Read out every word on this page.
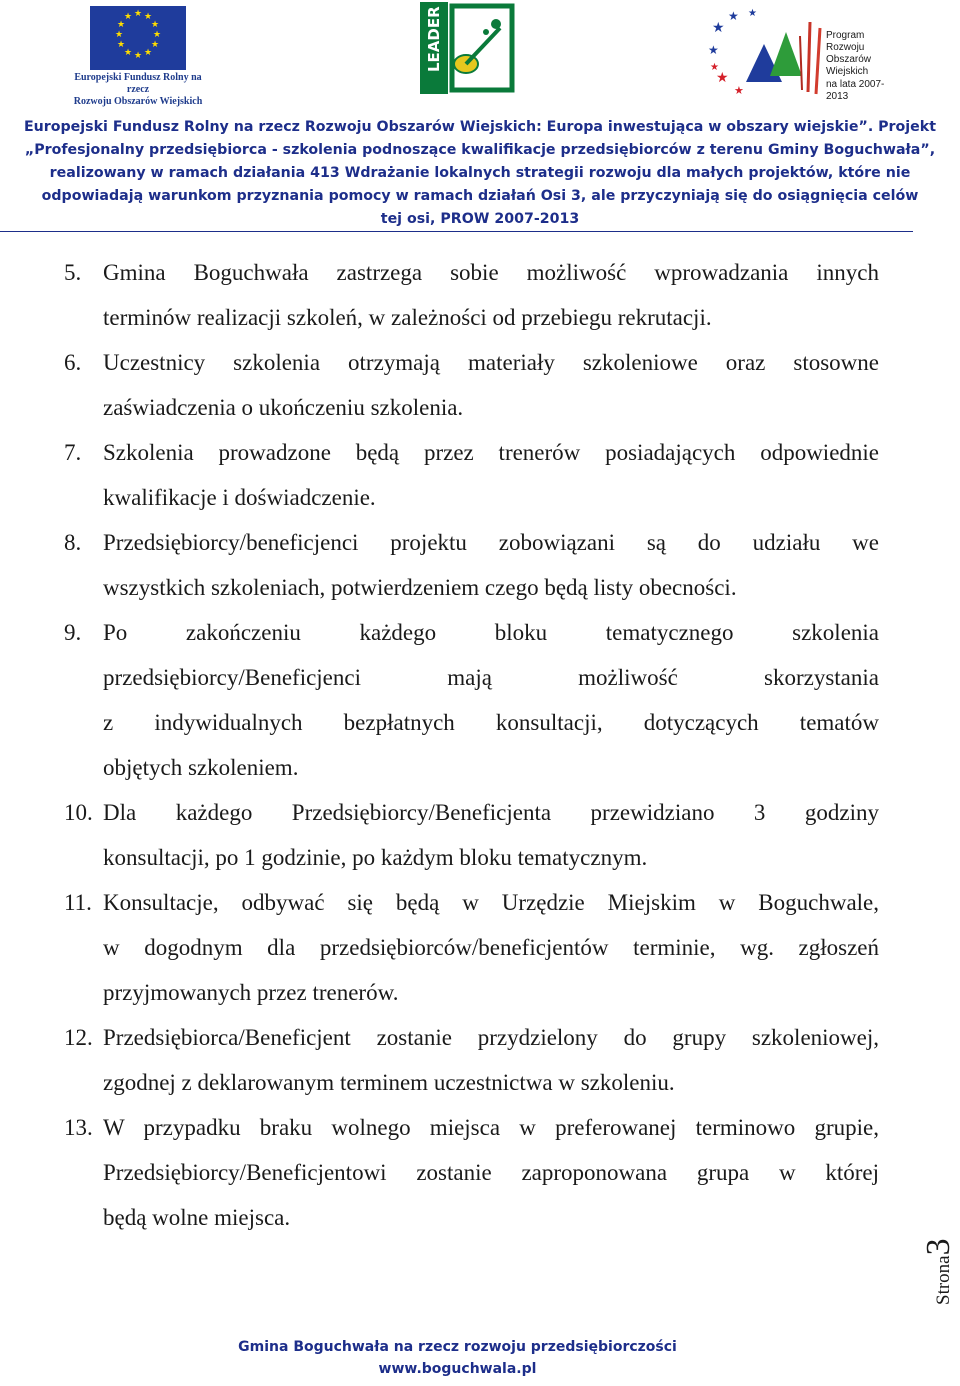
★ ★
★
★
★
★
★
★
★
★
★
★
Europejski Fundusz Rolny na rzecz
Rozwoju Obszarów Wiejskich
LEADER	★
★ ★
★
★
★
★
Program
Rozwoju
Obszarów
Wiejskich
na lata 2007-2013
Europejski Fundusz Rolny na rzecz Rozwoju Obszarów Wiejskich: Europa inwestująca w obszary wiejskie”. Projekt
„Profesjonalny przedsiębiorca - szkolenia podnoszące kwalifikacje przedsiębiorców z terenu Gminy Boguchwała”,
realizowany w ramach działania 413 Wdrażanie lokalnych strategii rozwoju dla małych projektów, które nie
odpowiadają warunkom przyznania pomocy w ramach działań Osi 3, ale przyczyniają się do osiągnięcia celów
tej osi, PROW 2007-2013
5. Gmina Boguchwała zastrzega sobie możliwość wprowadzania innych
terminów realizacji szkoleń, w zależności od przebiegu rekrutacji.
6. Uczestnicy szkolenia otrzymają materiały szkoleniowe oraz stosowne
zaświadczenia o ukończeniu szkolenia.
7. Szkolenia prowadzone będą przez trenerów posiadających odpowiednie
kwalifikacje i doświadczenie.
8. Przedsiębiorcy/beneficjenci projektu zobowiązani są do udziału we
wszystkich szkoleniach, potwierdzeniem czego będą listy obecności.
9. Po zakończeniu każdego bloku tematycznego szkolenia
przedsiębiorcy/Beneficjenci mają możliwość skorzystania
z indywidualnych bezpłatnych konsultacji, dotyczących tematów
objętych szkoleniem.
10. Dla każdego Przedsiębiorcy/Beneficjenta przewidziano 3 godziny
konsultacji, po 1 godzinie, po każdym bloku tematycznym.
11. Konsultacje, odbywać się będą w Urzędzie Miejskim w Boguchwale,
w dogodnym dla przedsiębiorców/beneficjentów terminie, wg. zgłoszeń
przyjmowanych przez trenerów.
12. Przedsiębiorca/Beneficjent zostanie przydzielony do grupy szkoleniowej,
zgodnej z deklarowanym terminem uczestnictwa w szkoleniu.
13. W przypadku braku wolnego miejsca w preferowanej terminowo grupie,
Przedsiębiorcy/Beneficjentowi zostanie zaproponowana grupa w której
będą wolne miejsca.
Strona3
Gmina Boguchwała na rzecz rozwoju przedsiębiorczości
www.boguchwala.pl
